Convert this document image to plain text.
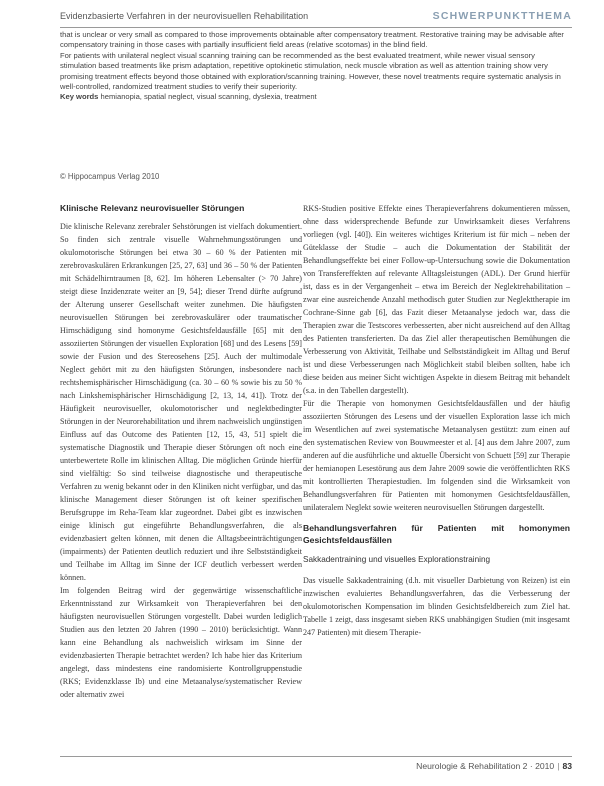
Evidenzbasierte Verfahren in der neurovisuellen Rehabilitation	SCHWERPUNKTTHEMA

that is unclear or very small as compared to those improvements obtainable after compensatory treatment. Restorative training may be advisable after compensatory training in those cases with partially insufficient field areas (relative scotomas) in the blind field.

For patients with unilateral neglect visual scanning training can be recommended as the best evaluated treatment, while newer visual sensory stimulation based treatments like prism adaptation, repetitive optokinetic stimulation, neck muscle vibration as well as attention training show very promising treatment effects beyond those obtained with exploration/scanning training. However, these novel treatments require systematic analysis in well-controlled, randomized treatment studies to verify their superiority.

Key words hemianopia, spatial neglect, visual scanning, dyslexia, treatment

© Hippocampus Verlag 2010
Klinische Relevanz neurovisueller Störungen

Die klinische Relevanz zerebraler Sehstörungen ist vielfach dokumentiert. So finden sich zentrale visuelle Wahrnehmungsstörungen und okulomotorische Störungen bei etwa 30 – 60 % der Patienten mit zerebrovaskulären Erkrankungen [25, 27, 63] und 36 – 50 % der Patienten mit Schädelhirntraumen [8, 62]. Im höheren Lebensalter (> 70 Jahre) steigt diese Inzidenzrate weiter an [9, 54]; dieser Trend dürfte aufgrund der Alterung unserer Gesellschaft weiter zunehmen. Die häufigsten neurovisuellen Störungen bei zerebrovaskulärer oder traumatischer Hirnschädigung sind homonyme Gesichtsfeldausfälle [65] mit den assoziierten Störungen der visuellen Exploration [68] und des Lesens [59] sowie der Fusion und des Stereosehens [25]. Auch der multimodale Neglect gehört mit zu den häufigsten Störungen, insbesondere nach rechtshemisphärischer Hirnschädigung (ca. 30 – 60 % sowie bis zu 50 % nach Linkshemisphärischer Hirnschädigung [2, 13, 14, 41]). Trotz der Häufigkeit neurovisueller, okulomotorischer und neglektbedingter Störungen in der Neurorehabilitation und ihrem nachweislich ungünstigen Einfluss auf das Outcome des Patienten [12, 15, 43, 51] spielt die systematische Diagnostik und Therapie dieser Störungen oft noch eine unterbewertete Rolle im klinischen Alltag. Die möglichen Gründe hierfür sind vielfältig: So sind teilweise diagnostische und therapeutische Verfahren zu wenig bekannt oder in den Kliniken nicht verfügbar, und das klinische Management dieser Störungen ist oft keiner spezifischen Berufsgruppe im Reha-Team klar zugeordnet. Dabei gibt es inzwischen einige klinisch gut eingeführte Behandlungsverfahren, die als evidenzbasiert gelten können, mit denen die Alltagsbeeinträchtigungen (impairments) der Patienten deutlich reduziert und ihre Selbstständigkeit und Teilhabe im Alltag im Sinne der ICF deutlich verbessert werden können.

Im folgenden Beitrag wird der gegenwärtige wissenschaftliche Erkenntnisstand zur Wirksamkeit von Therapieverfahren bei den häufigsten neurovisuellen Störungen vorgestellt. Dabei wurden lediglich Studien aus den letzten 20 Jahren (1990 – 2010) berücksichtigt. Wann kann eine Behandlung als nachweislich wirksam im Sinne der evidenzbasierten Therapie betrachtet werden? Ich habe hier das Kriterium angelegt, dass mindestens eine randomisierte Kontrollgruppenstudie (RKS; Evidenzklasse Ib) und eine Metaanalyse/systematischer Review oder alternativ zwei

RKS-Studien positive Effekte eines Therapieverfahrens dokumentieren müssen, ohne dass widersprechende Befunde zur Unwirksamkeit dieses Verfahrens vorliegen (vgl. [40]). Ein weiteres wichtiges Kriterium ist für mich – neben der Güteklasse der Studie – auch die Dokumentation der Stabilität der Behandlungseffekte bei einer Follow-up-Untersuchung sowie die Dokumentation von Transfereffekten auf relevante Alltagsleistungen (ADL). Der Grund hierfür ist, dass es in der Vergangenheit – etwa im Bereich der Neglektrehabilitation – zwar eine ausreichende Anzahl methodisch guter Studien zur Neglekttherapie im Cochrane-Sinne gab [6], das Fazit dieser Metaanalyse jedoch war, dass die Therapien zwar die Testscores verbesserten, aber nicht ausreichend auf den Alltag des Patienten transferierten. Da das Ziel aller therapeutischen Bemühungen die Verbesserung von Aktivität, Teilhabe und Selbstständigkeit im Alltag und Beruf ist und diese Verbesserungen nach Möglichkeit stabil bleiben sollten, habe ich diese beiden aus meiner Sicht wichtigen Aspekte in diesem Beitrag mit behandelt (s.a. in den Tabellen dargestellt).

Für die Therapie von homonymen Gesichtsfeldausfällen und der häufig assoziierten Störungen des Lesens und der visuellen Exploration lasse ich mich im Wesentlichen auf zwei systematische Metaanalysen gestützt: zum einen auf den systematischen Review von Bouwmeester et al. [4] aus dem Jahre 2007, zum anderen auf die ausführliche und aktuelle Übersicht von Schuett [59] zur Therapie der hemianopen Lesestörung aus dem Jahre 2009 sowie die veröffentlichten RKS mit kontrollierten Therapiestudien. Im folgenden sind die Wirksamkeit von Behandlungsverfahren für Patienten mit homonymen Gesichtsfeldausfällen, unilateralem Neglekt sowie weiteren neurovisuellen Störungen dargestellt.

Behandlungsverfahren für Patienten mit homonymen Gesichtsfeldausfällen
Sakkadentraining und visuelles Explorationstraining

Das visuelle Sakkadentraining (d.h. mit visueller Darbietung von Reizen) ist ein inzwischen evaluiertes Behandlungsverfahren, das die Verbesserung der okulomotorischen Kompensation im blinden Gesichtsfeldbereich zum Ziel hat. Tabelle 1 zeigt, dass insgesamt sieben RKS unabhängigen Studien (mit insgesamt 247 Patienten) mit diesem Therapie-

Neurologie & Rehabilitation 2 · 2010 | 83
